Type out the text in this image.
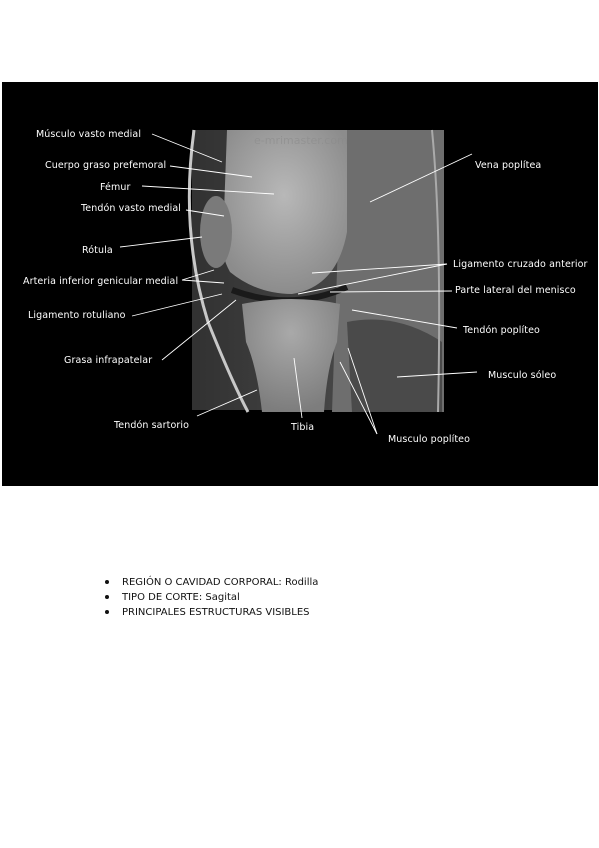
e-mrimaster.com
Músculo vasto medial
Cuerpo graso prefemoral
Fémur
Tendón vasto medial
Rótula
Arteria inferior genicular medial
Ligamento rotuliano
Grasa infrapatelar
Tendón sartorio	Tibia
Vena poplítea
Ligamento cruzado anterior
Parte lateral del menisco
Tendón poplíteo
Musculo sóleo
Musculo poplíteo
REGIÓN O CAVIDAD CORPORAL: Rodilla
TIPO DE CORTE: Sagital
PRINCIPALES ESTRUCTURAS VISIBLES
